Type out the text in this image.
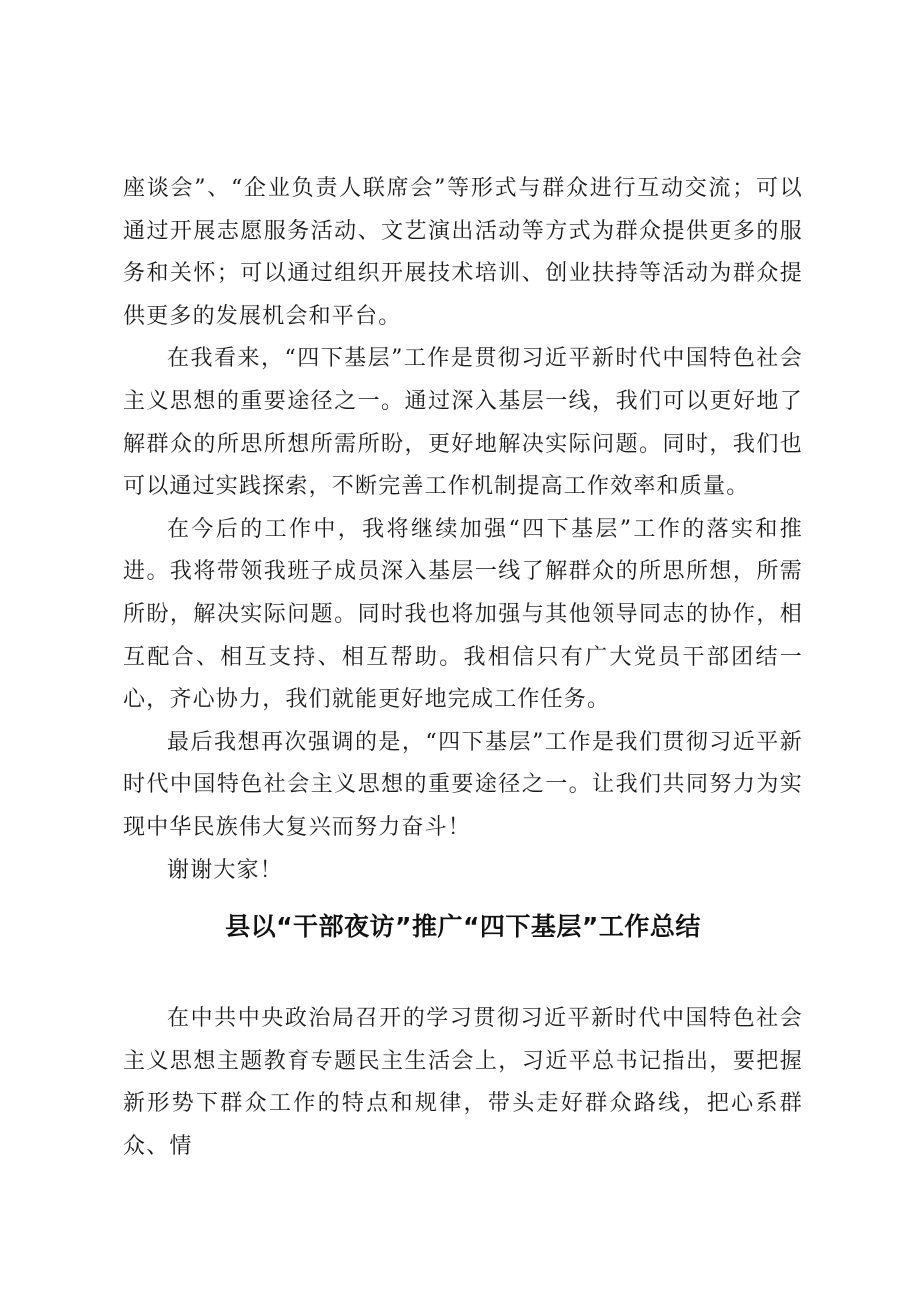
座谈会”、“企业负责人联席会”等形式与群众进行互动交流；可以通过开展志愿服务活动、文艺演出活动等方式为群众提供更多的服务和关怀；可以通过组织开展技术培训、创业扶持等活动为群众提供更多的发展机会和平台。

在我看来，“四下基层”工作是贯彻习近平新时代中国特色社会主义思想的重要途径之一。通过深入基层一线，我们可以更好地了解群众的所思所想所需所盼，更好地解决实际问题。同时，我们也可以通过实践探索，不断完善工作机制提高工作效率和质量。

在今后的工作中，我将继续加强“四下基层”工作的落实和推进。我将带领我班子成员深入基层一线了解群众的所思所想，所需所盼，解决实际问题。同时我也将加强与其他领导同志的协作，相互配合、相互支持、相互帮助。我相信只有广大党员干部团结一心，齐心协力，我们就能更好地完成工作任务。

最后我想再次强调的是，“四下基层”工作是我们贯彻习近平新时代中国特色社会主义思想的重要途径之一。让我们共同努力为实现中华民族伟大复兴而努力奋斗！

谢谢大家！

县以“干部夜访”推广“四下基层”工作总结

在中共中央政治局召开的学习贯彻习近平新时代中国特色社会主义思想主题教育专题民主生活会上，习近平总书记指出，要把握新形势下群众工作的特点和规律，带头走好群众路线，把心系群众、情
